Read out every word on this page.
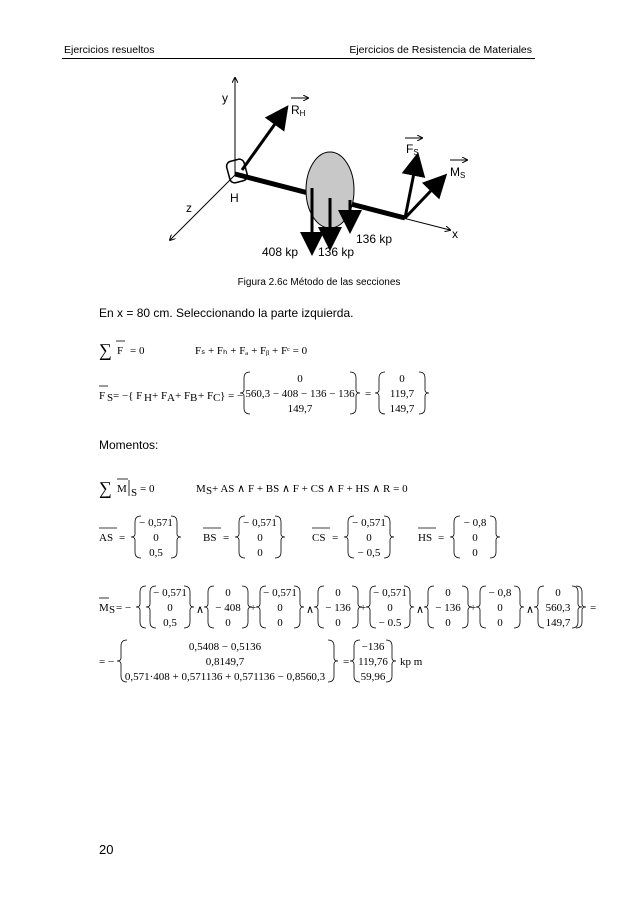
Ejercicios resueltos	Ejercicios de Resistencia de Materiales
y
z
x
H
RH
FS
MS
408 kp 136 kp
136 kp
Figura 2.6c Método de las secciones
En x = 80 cm. Seleccionando la parte izquierda.
∑ F = 0	Fₛ + Fₕ + Fₐ + Fᵦ + Fᶜ = 0
F S = −{ F H + F A + F B + F C } = −
0
560,3 − 408 − 136 − 136
149,7
=
0
119,7
149,7
Momentos:
∑ M S = 0	M S + AS ∧ F + BS ∧ F + CS ∧ F + HS ∧ R = 0
AS =
− 0,571
0
0,5
BS =
− 0,571
0
0
CS =
− 0,571
0
− 0,5
HS =
− 0,8
0
0
M S = −
− 0,571
0
0,5
∧
0
− 408
0
+
− 0,571
0
0
∧
0
− 136
0
+
− 0,571
0
− 0.5
∧
0
− 136
0
+
− 0,8
0
0
∧
0
560,3
149,7
=
= −
0,5408 − 0,5136
0,8149,7
0,571·408 + 0,571136 + 0,571136 − 0,8560,3
=
−136
119,76
59,96
kp m
20
